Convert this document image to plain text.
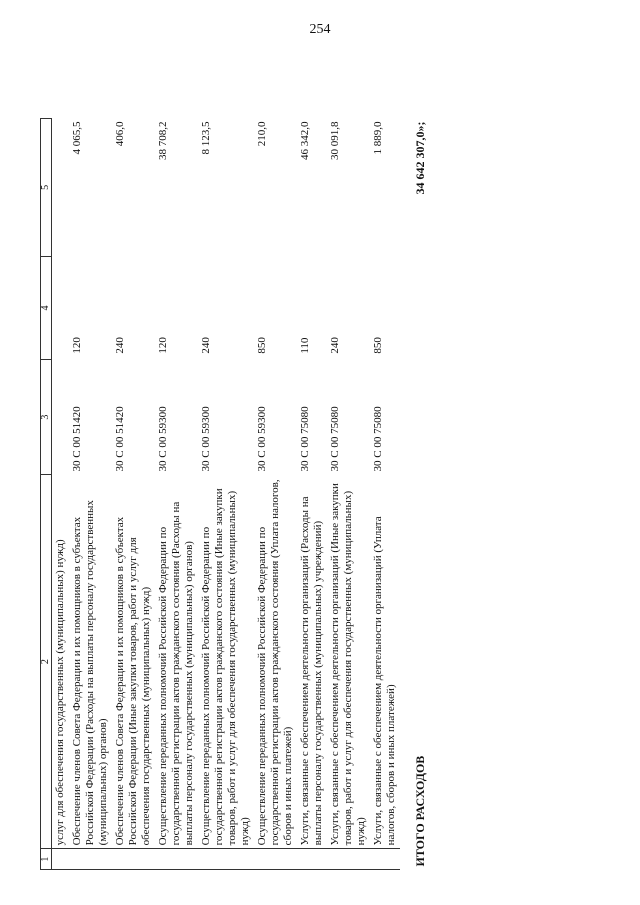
254
1	2	3	4	5
	услуг для обеспечения государственных (муниципальных) нужд)			
	Обеспечение членов Совета Федерации и их помощников в субъектах Российской Федерации (Расходы на выплаты персоналу государственных (муниципальных) органов)	30 С 00 51420	120	4 065,5
	Обеспечение членов Совета Федерации и их помощников в субъектах Российской Федерации (Иные закупки товаров, работ и услуг для обеспечения государственных (муниципальных) нужд)	30 С 00 51420	240	406,0
	Осуществление переданных полномочий Российской Федерации по государственной регистрации актов гражданского состояния (Расходы на выплаты персоналу государственных (муниципальных) органов)	30 С 00 59300	120	38 708,2
	Осуществление переданных полномочий Российской Федерации по государственной регистрации актов гражданского состояния (Иные закупки товаров, работ и услуг для обеспечения государственных (муниципальных) нужд)	30 С 00 59300	240	8 123,5
	Осуществление переданных полномочий Российской Федерации по государственной регистрации актов гражданского состояния (Уплата налогов, сборов и иных платежей)	30 С 00 59300	850	210,0
	Услуги, связанные с обеспечением деятельности организаций (Расходы на выплаты персоналу государственных (муниципальных) учреждений)	30 С 00 75080	110	46 342,0
	Услуги, связанные с обеспечением деятельности организаций (Иные закупки товаров, работ и услуг для обеспечения государственных (муниципальных) нужд)	30 С 00 75080	240	30 091,8
	Услуги, связанные с обеспечением деятельности организаций (Уплата налогов, сборов и иных платежей)	30 С 00 75080	850	1 889,0
ИТОГО РАСХОДОВ				34 642 307,0»;
